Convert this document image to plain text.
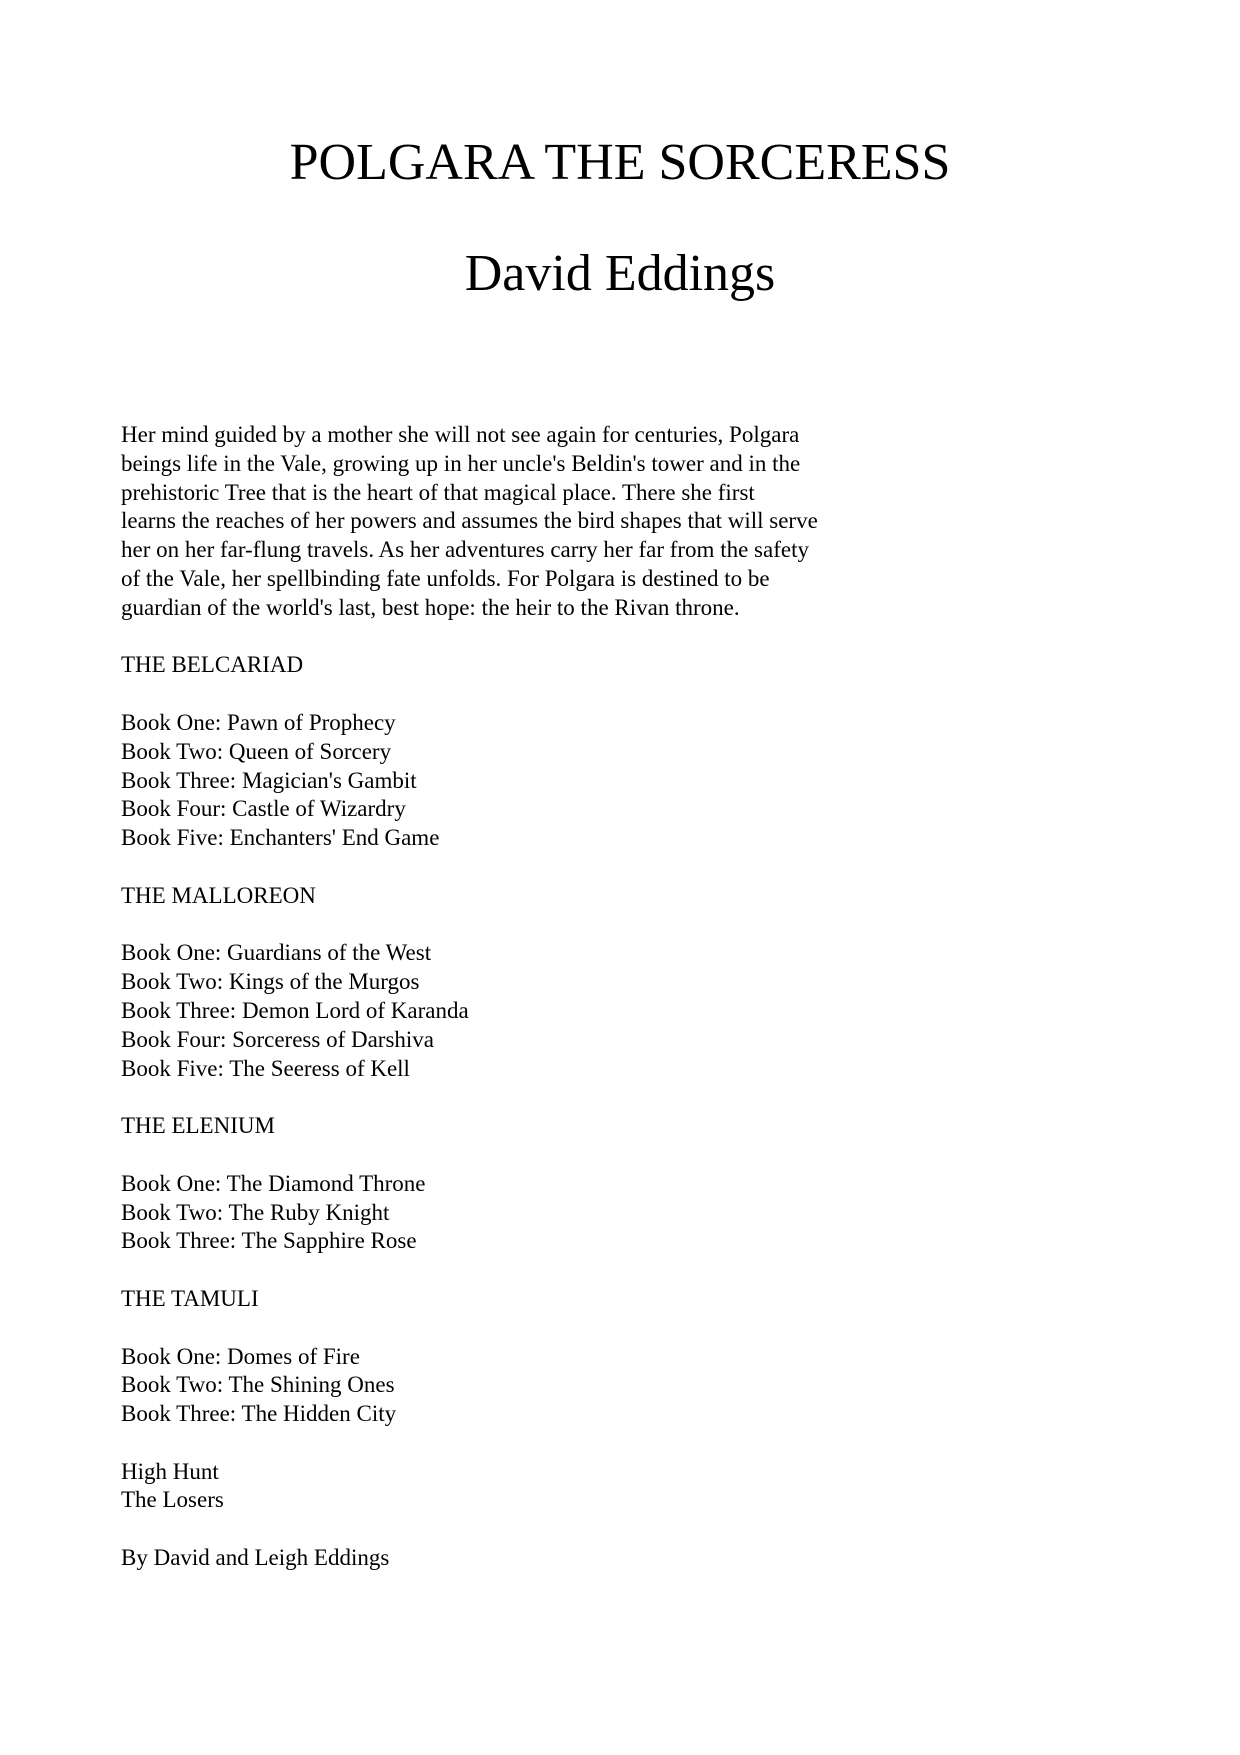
POLGARA THE SORCERESS
David Eddings

Her mind guided by a mother she will not see again for centuries, Polgara
beings life in the Vale, growing up in her uncle's Beldin's tower and in the
prehistoric Tree that is the heart of that magical place. There she first
learns the reaches of her powers and assumes the bird shapes that will serve
her on her far-flung travels. As her adventures carry her far from the safety
of the Vale, her spellbinding fate unfolds. For Polgara is destined to be
guardian of the world's last, best hope: the heir to the Rivan throne.

THE BELCARIAD
Book One: Pawn of Prophecy
Book Two: Queen of Sorcery
Book Three: Magician's Gambit
Book Four: Castle of Wizardry
Book Five: Enchanters' End Game
THE MALLOREON
Book One: Guardians of the West
Book Two: Kings of the Murgos
Book Three: Demon Lord of Karanda
Book Four: Sorceress of Darshiva
Book Five: The Seeress of Kell
THE ELENIUM
Book One: The Diamond Throne
Book Two: The Ruby Knight
Book Three: The Sapphire Rose
THE TAMULI
Book One: Domes of Fire
Book Two: The Shining Ones
Book Three: The Hidden City
High Hunt
The Losers
By David and Leigh Eddings
